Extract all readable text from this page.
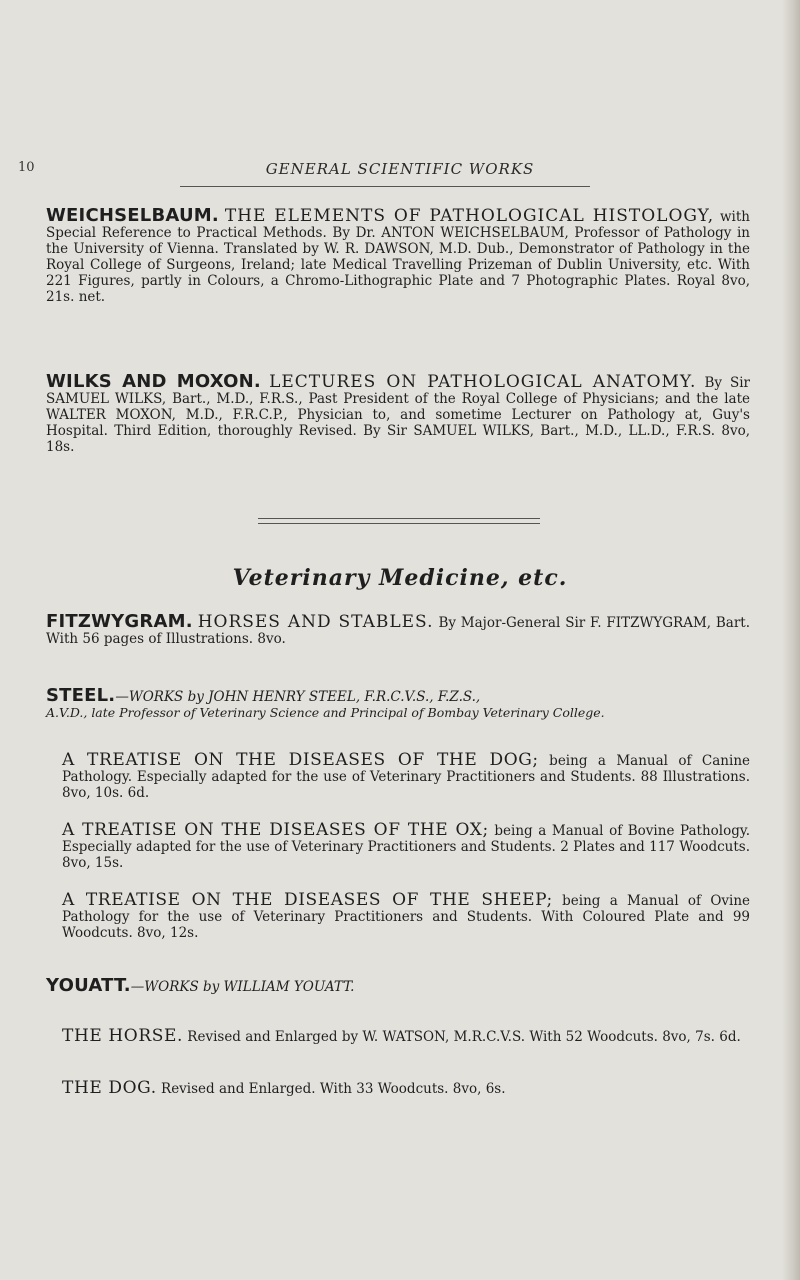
10	GENERAL SCIENTIFIC WORKS
WEICHSELBAUM. THE ELEMENTS OF PATHOLOGICAL HISTOLOGY, with Special Reference to Practical Methods. By Dr. ANTON WEICHSELBAUM, Professor of Pathology in the University of Vienna. Translated by W. R. DAWSON, M.D. Dub., Demonstrator of Pathology in the Royal College of Surgeons, Ireland; late Medical Travelling Prizeman of Dublin University, etc. With 221 Figures, partly in Colours, a Chromo-Lithographic Plate and 7 Photographic Plates. Royal 8vo, 21s. net.
WILKS AND MOXON. LECTURES ON PATHOLOGICAL ANATOMY. By Sir SAMUEL WILKS, Bart., M.D., F.R.S., Past President of the Royal College of Physicians; and the late WALTER MOXON, M.D., F.R.C.P., Physician to, and sometime Lecturer on Pathology at, Guy's Hospital. Third Edition, thoroughly Revised. By Sir SAMUEL WILKS, Bart., M.D., LL.D., F.R.S. 8vo, 18s.
Veterinary Medicine, etc.
FITZWYGRAM. HORSES AND STABLES. By Major-General Sir F. FITZWYGRAM, Bart. With 56 pages of Illustrations. 8vo.
STEEL.—WORKS by JOHN HENRY STEEL, F.R.C.V.S., F.Z.S.,
A.V.D., late Professor of Veterinary Science and Principal of Bombay Veterinary College.
A TREATISE ON THE DISEASES OF THE DOG; being a Manual of Canine Pathology. Especially adapted for the use of Veterinary Practitioners and Students. 88 Illustrations. 8vo, 10s. 6d.
A TREATISE ON THE DISEASES OF THE OX; being a Manual of Bovine Pathology. Especially adapted for the use of Veterinary Practitioners and Students. 2 Plates and 117 Woodcuts. 8vo, 15s.
A TREATISE ON THE DISEASES OF THE SHEEP; being a Manual of Ovine Pathology for the use of Veterinary Practitioners and Students. With Coloured Plate and 99 Woodcuts. 8vo, 12s.
YOUATT.—WORKS by WILLIAM YOUATT.
THE HORSE. Revised and Enlarged by W. WATSON, M.R.C.V.S. With 52 Woodcuts. 8vo, 7s. 6d.
THE DOG. Revised and Enlarged. With 33 Woodcuts. 8vo, 6s.
